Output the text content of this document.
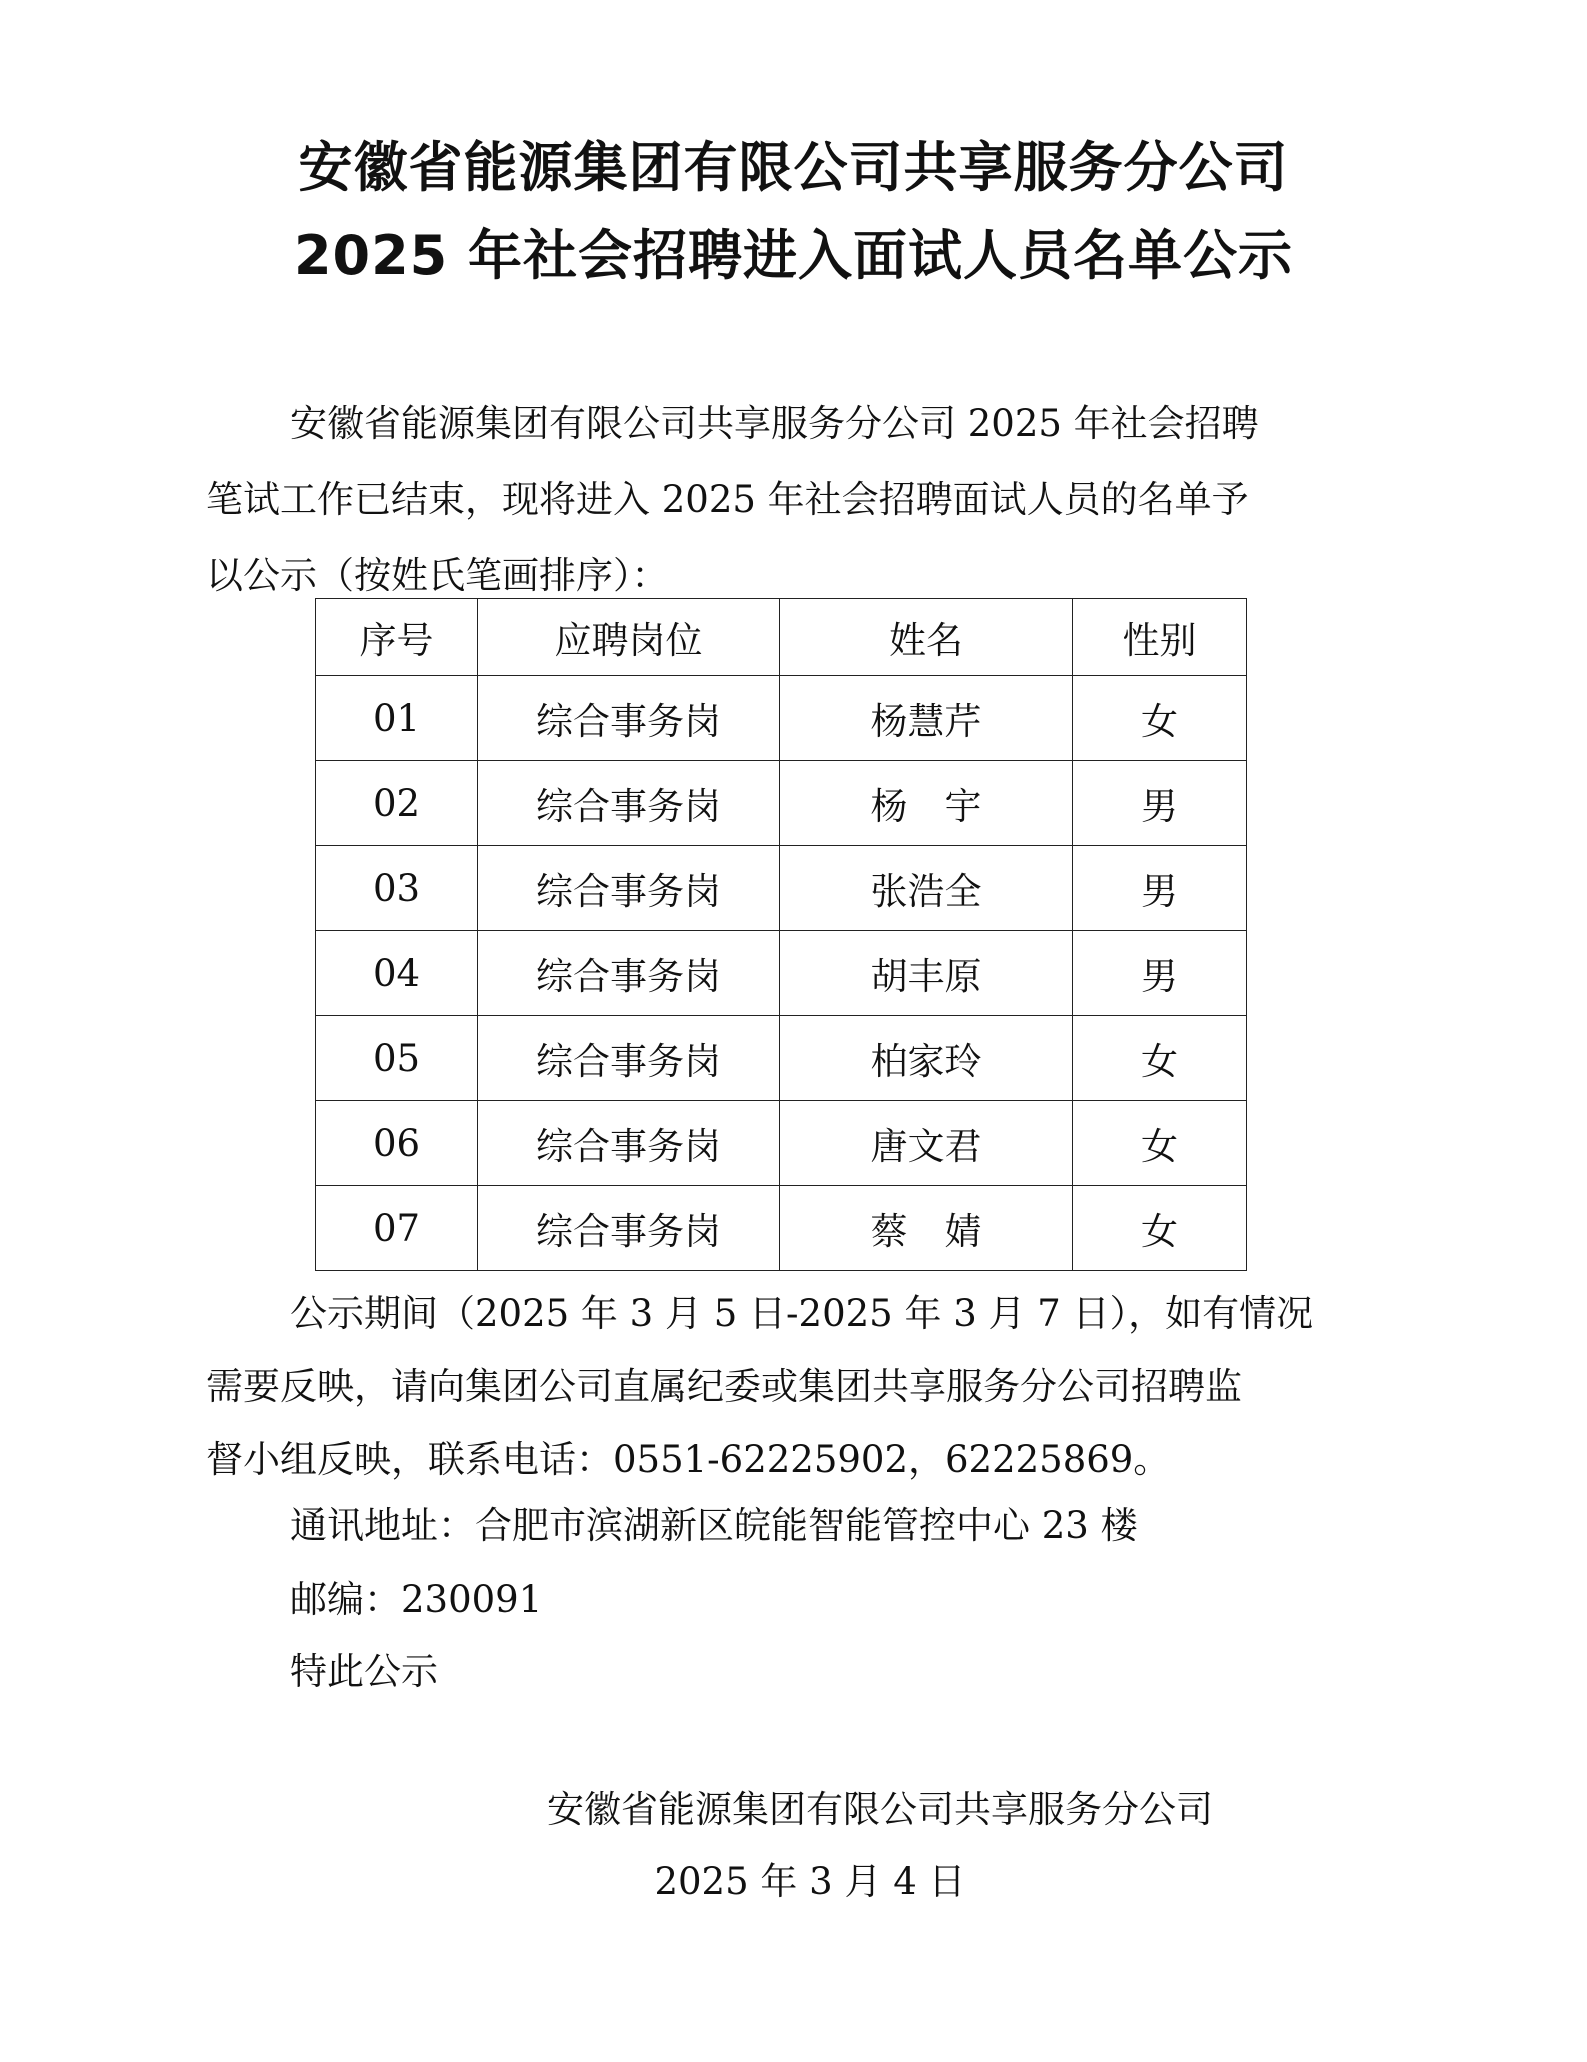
安徽省能源集团有限公司共享服务分公司
2025 年社会招聘进入面试人员名单公示
安徽省能源集团有限公司共享服务分公司 2025 年社会招聘
笔试工作已结束，现将进入 2025 年社会招聘面试人员的名单予
以公示（按姓氏笔画排序）：
序号	应聘岗位	姓名	性别
01	综合事务岗	杨慧芹	女
02	综合事务岗	杨　宇	男
03	综合事务岗	张浩全	男
04	综合事务岗	胡丰原	男
05	综合事务岗	柏家玲	女
06	综合事务岗	唐文君	女
07	综合事务岗	蔡　婧	女
公示期间（2025 年 3 月 5 日-2025 年 3 月 7 日），如有情况
需要反映，请向集团公司直属纪委或集团共享服务分公司招聘监
督小组反映，联系电话：0551-62225902，62225869。

通讯地址：合肥市滨湖新区皖能智能管控中心 23 楼

邮编：230091

特此公示

安徽省能源集团有限公司共享服务分公司
2025 年 3 月 4 日
